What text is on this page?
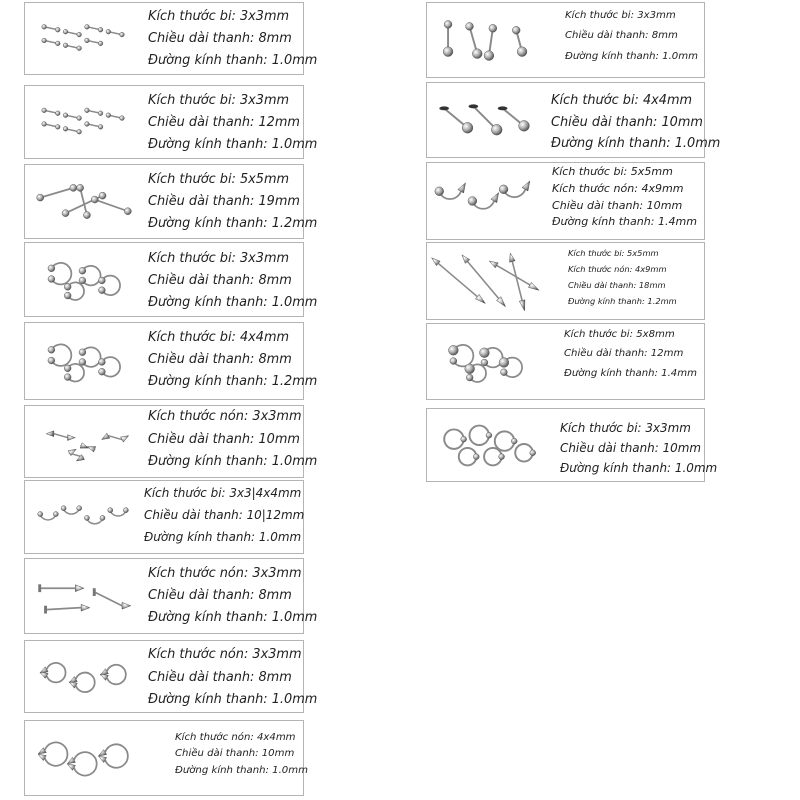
Kích thước bi: 3x3mm
Chiều dài thanh: 8mm
Đường kính thanh: 1.0mm
Kích thước bi: 3x3mm
Chiều dài thanh: 12mm
Đường kính thanh: 1.0mm
Kích thước bi: 5x5mm
Chiều dài thanh: 19mm
Đường kính thanh: 1.2mm
Kích thước bi: 3x3mm
Chiều dài thanh: 8mm
Đường kính thanh: 1.0mm
Kích thước bi: 4x4mm
Chiều dài thanh: 8mm
Đường kính thanh: 1.2mm
Kích thước nón: 3x3mm
Chiều dài thanh: 10mm
Đường kính thanh: 1.0mm
Kích thước bi: 3x3|4x4mm
Chiều dài thanh: 10|12mm
Đường kính thanh: 1.0mm
Kích thước nón: 3x3mm
Chiều dài thanh: 8mm
Đường kính thanh: 1.0mm
Kích thước nón: 3x3mm
Chiều dài thanh: 8mm
Đường kính thanh: 1.0mm
Kích thước nón: 4x4mm
Chiều dài thanh: 10mm
Đường kính thanh: 1.0mm
Kích thước bi: 3x3mm
Chiều dài thanh: 8mm
Đường kính thanh: 1.0mm
Kích thước bi: 4x4mm
Chiều dài thanh: 10mm
Đường kính thanh: 1.0mm
Kích thước bi: 5x5mm
Kích thước nón: 4x9mm
Chiều dài thanh: 10mm
Đường kính thanh: 1.4mm
Kích thước bi: 5x5mm
Kích thước nón: 4x9mm
Chiều dài thanh: 18mm
Đường kính thanh: 1.2mm
Kích thước bi: 5x8mm
Chiều dài thanh: 12mm
Đường kính thanh: 1.4mm
Kích thước bi: 3x3mm
Chiều dài thanh: 10mm
Đường kính thanh: 1.0mm
